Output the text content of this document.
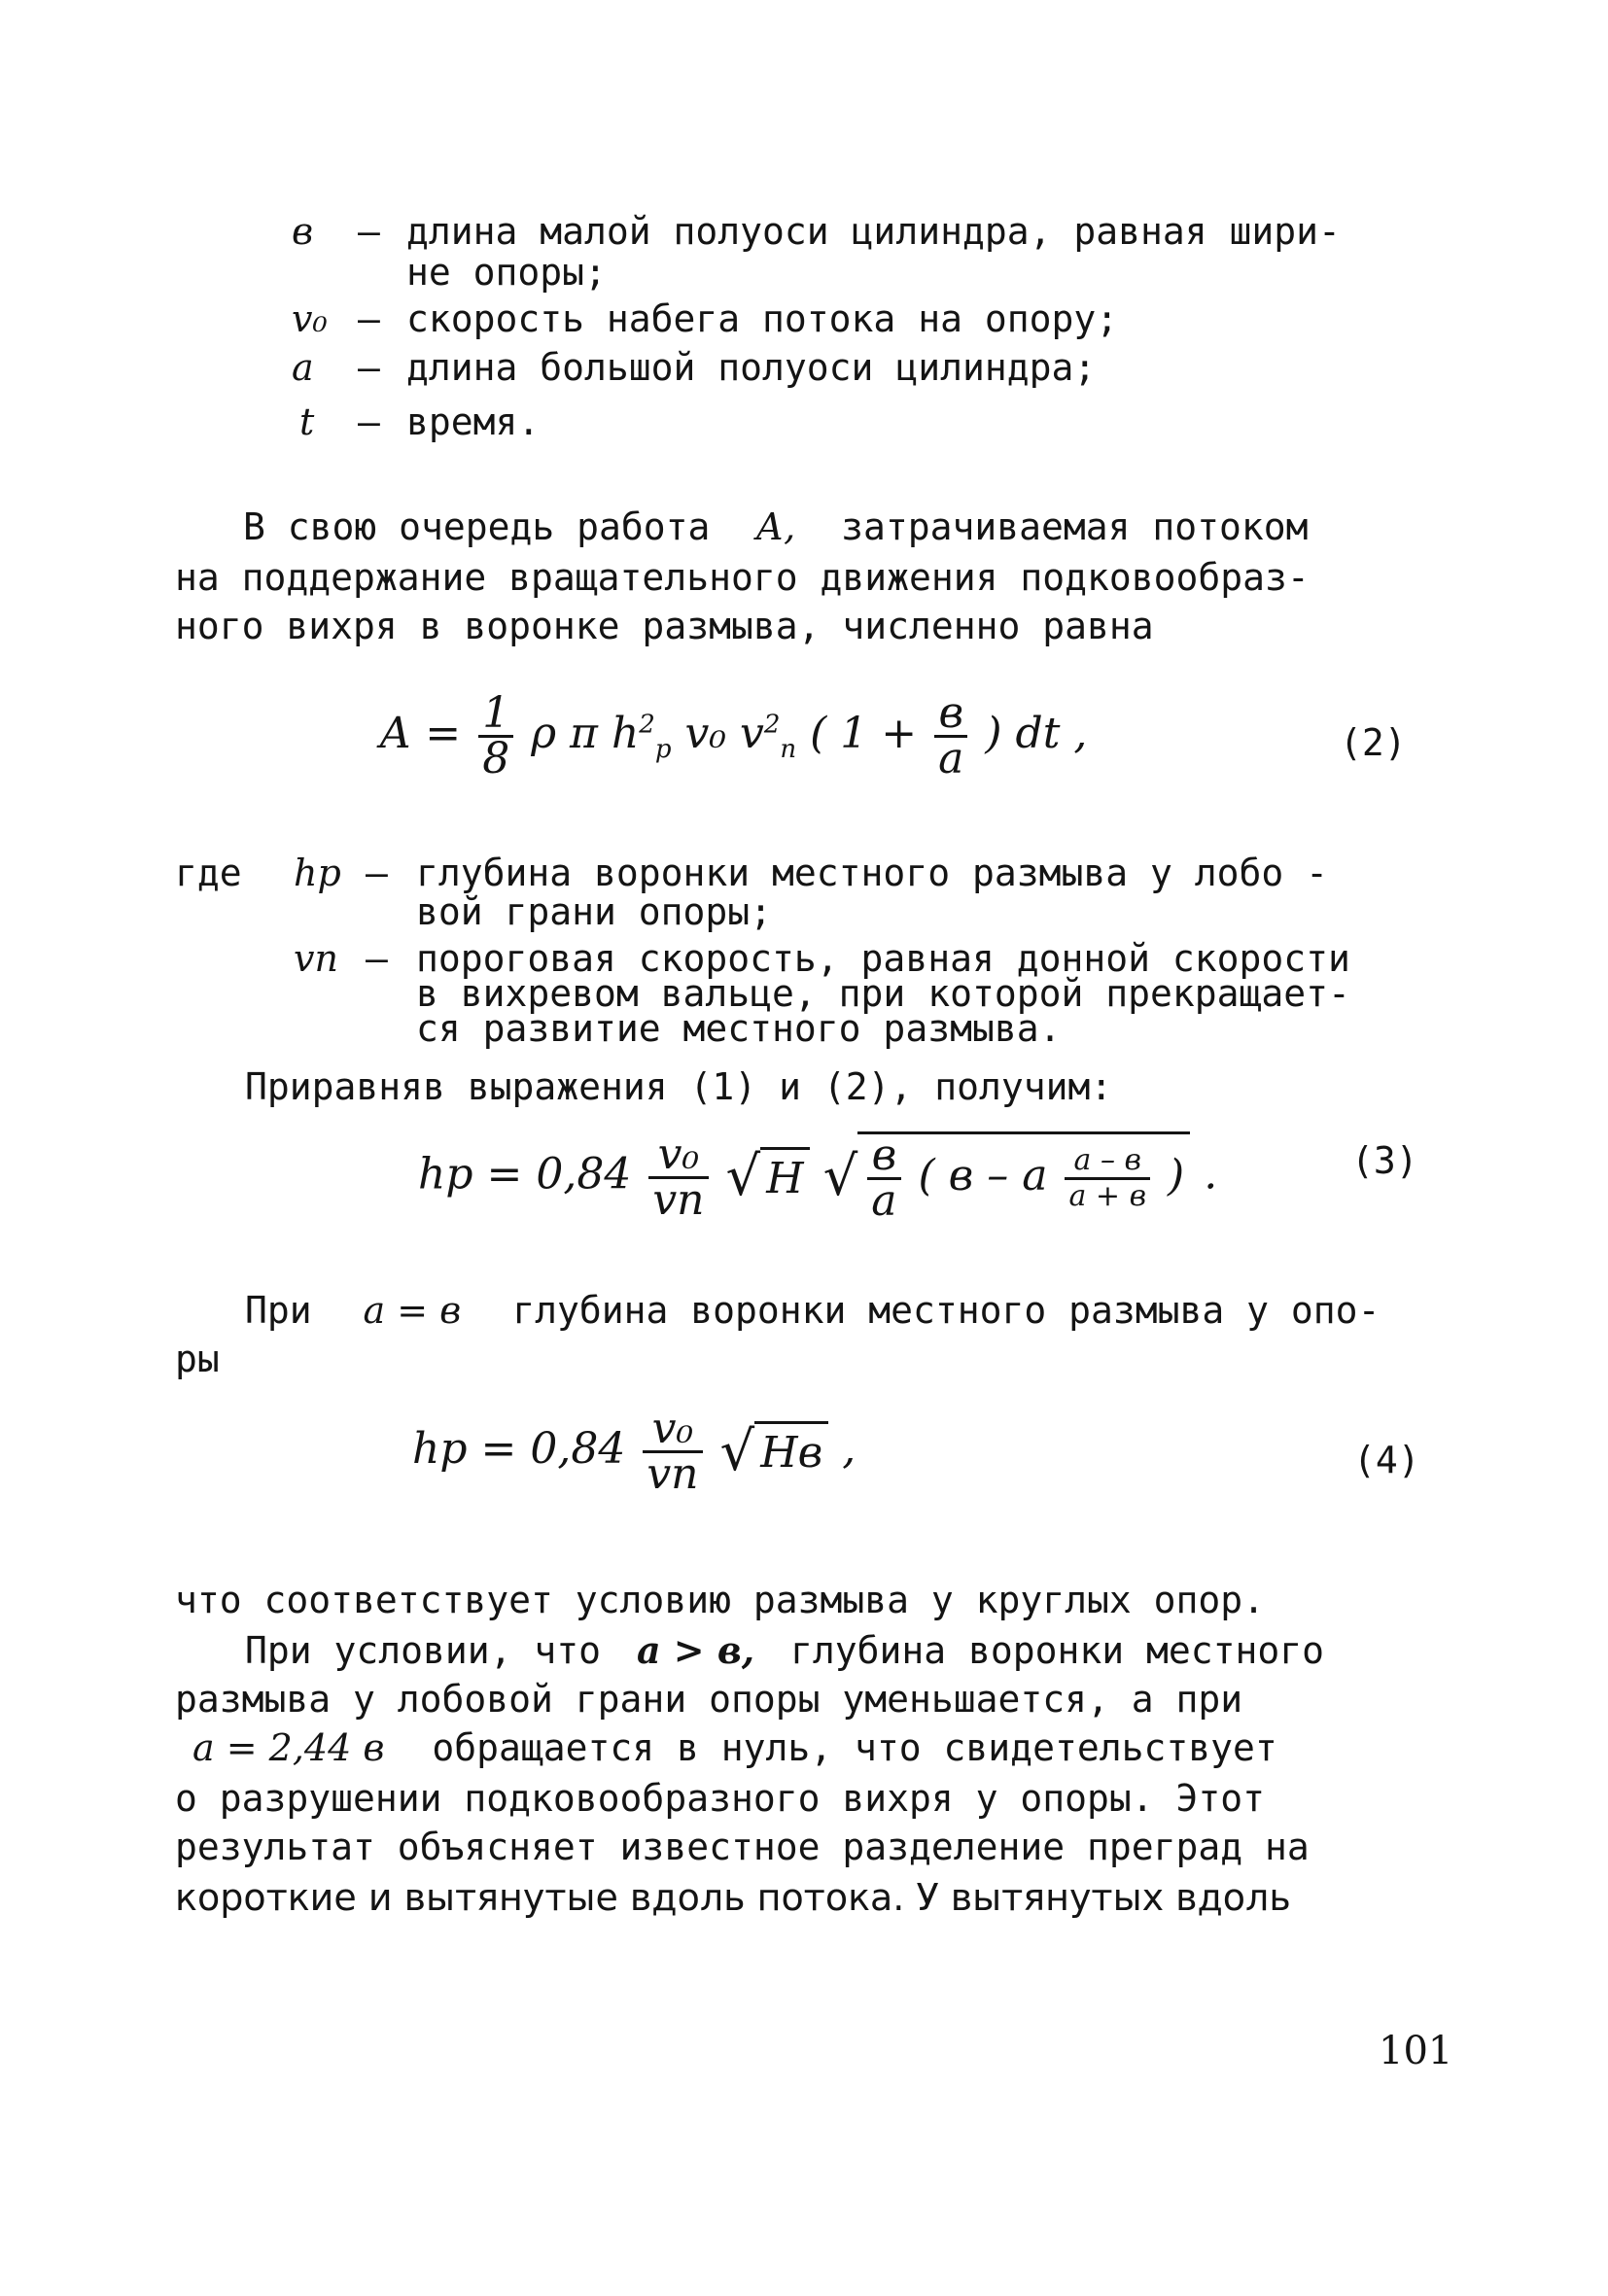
в – длина малой полуоси цилиндра, равная шири-
не опоры;
v₀ – скорость набега потока на опору;
а – длина большой полуоси цилиндра;
t – время.
В свою очередь работа А, затрачиваемая потоком
на поддержание вращательного движения подковообраз-
ного вихря в воронке размыва, численно равна
$А = \frac{1}{8}$ ρ π $h^2_р$ v₀ $v^2_п$ ( $1 + \frac{в}{а}$ ) dt ,	(2)
где hр – глубина воронки местного размыва у лобо -
вой грани опоры;
vп – пороговая скорость, равная донной скорости
в вихревом вальце, при которой прекращает-
ся развитие местного размыва.
Приравняв выражения (1) и (2), получим:
hр = $0,84 \frac{\text{v₀}}{vп}$ √ H √ $\frac{в}{а}$ ( в – а $\frac{а - в}{а + в}$ ) .	(3)
При а = в глубина воронки местного размыва у опо-
ры
hр = $0,84 \frac{\text{v₀}}{vп}$ √ Hв ,	(4)
что соответствует условию размыва у круглых опор.
При условии, что а > в, глубина воронки местного
размыва у лобовой грани опоры уменьшается, а при
а = 2,44 в обращается в нуль, что свидетельствует
о разрушении подковообразного вихря у опоры. Этот
результат объясняет известное разделение преград на
короткие и вытянутые вдоль потока. У вытянутых вдоль
101
